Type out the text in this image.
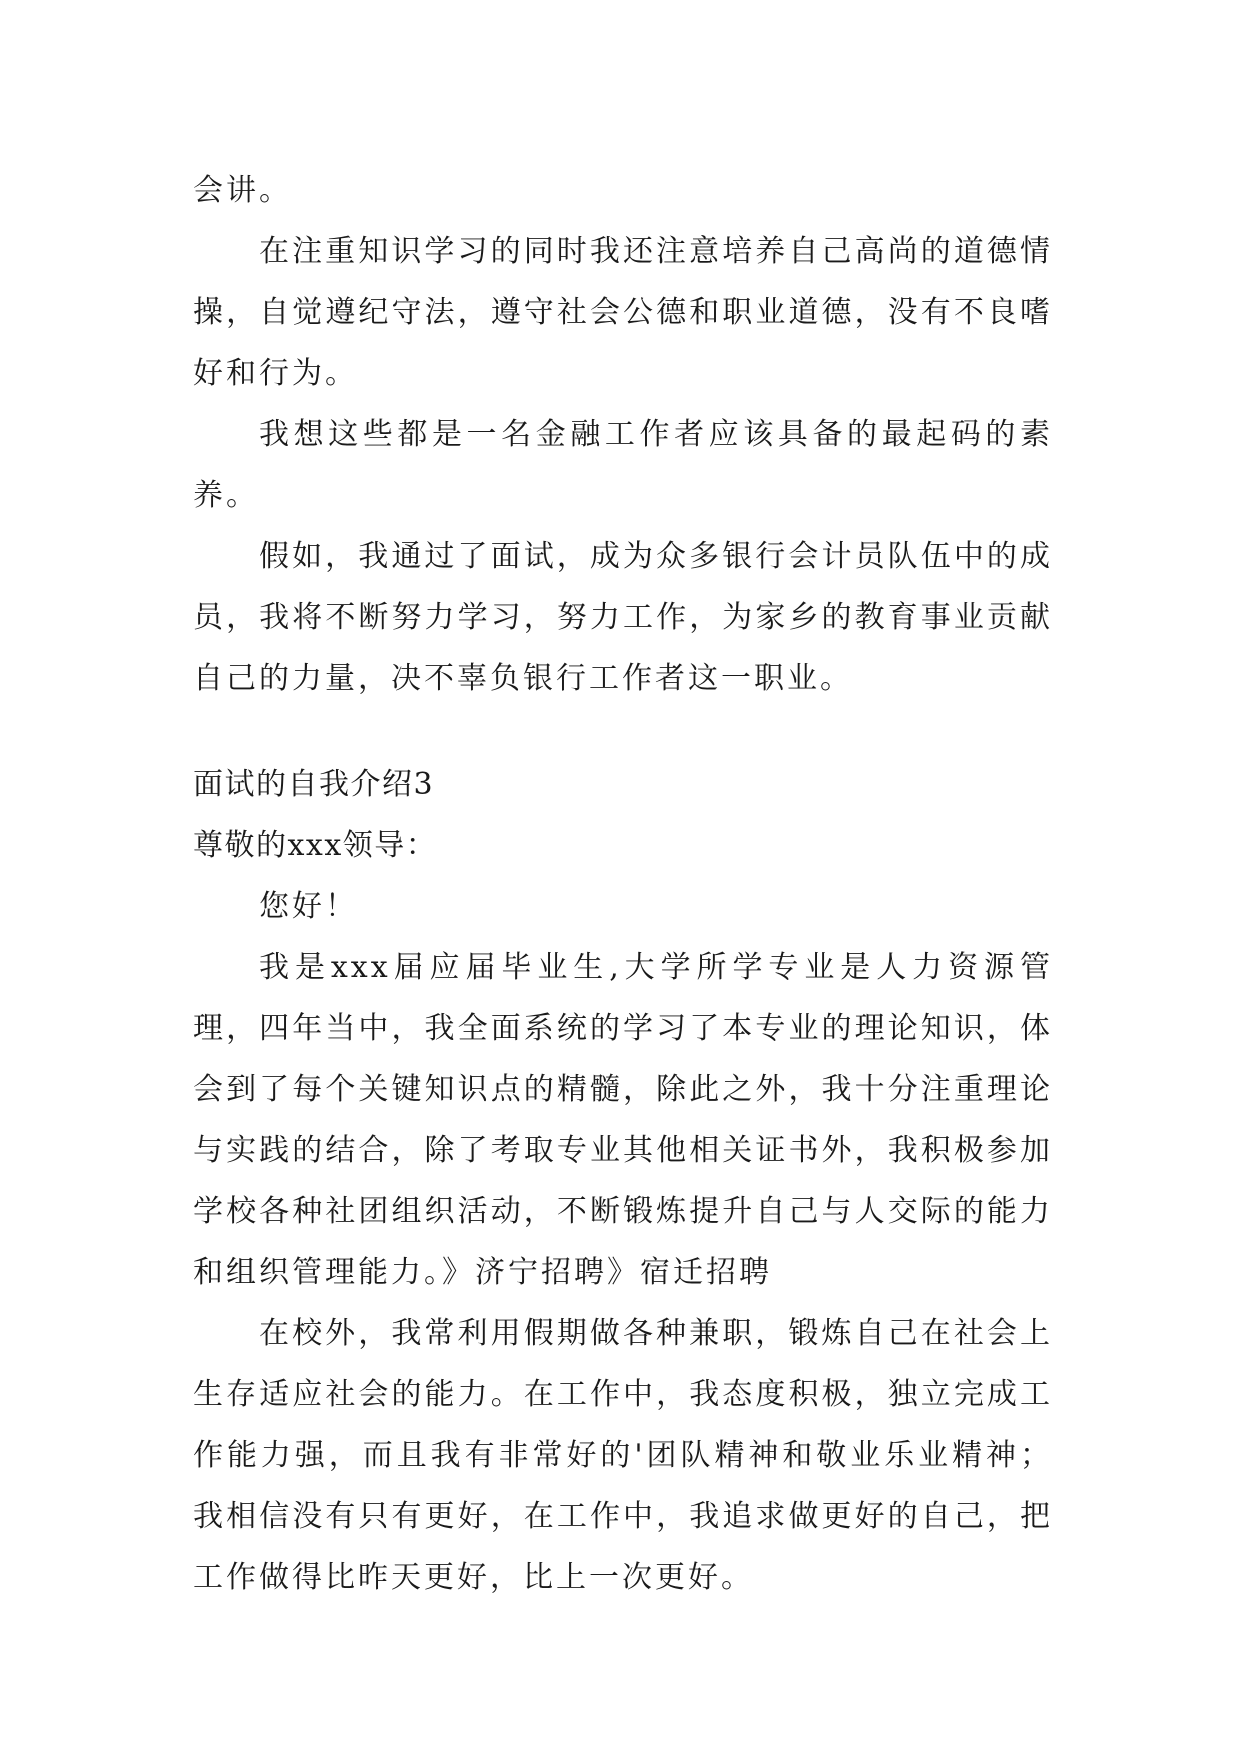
会讲。

在注重知识学习的同时我还注意培养自己高尚的道德情操，自觉遵纪守法，遵守社会公德和职业道德，没有不良嗜好和行为。

我想这些都是一名金融工作者应该具备的最起码的素养。

假如，我通过了面试，成为众多银行会计员队伍中的成员，我将不断努力学习，努力工作，为家乡的教育事业贡献自己的力量，决不辜负银行工作者这一职业。

面试的自我介绍3

尊敬的xxx领导：

您好！

我是xxx届应届毕业生,大学所学专业是人力资源管理，四年当中，我全面系统的学习了本专业的理论知识，体会到了每个关键知识点的精髓，除此之外，我十分注重理论与实践的结合，除了考取专业其他相关证书外，我积极参加学校各种社团组织活动，不断锻炼提升自己与人交际的能力和组织管理能力。》济宁招聘》宿迁招聘

在校外，我常利用假期做各种兼职，锻炼自己在社会上生存适应社会的能力。在工作中，我态度积极，独立完成工作能力强，而且我有非常好的'团队精神和敬业乐业精神；我相信没有只有更好，在工作中，我追求做更好的自己，把工作做得比昨天更好，比上一次更好。
